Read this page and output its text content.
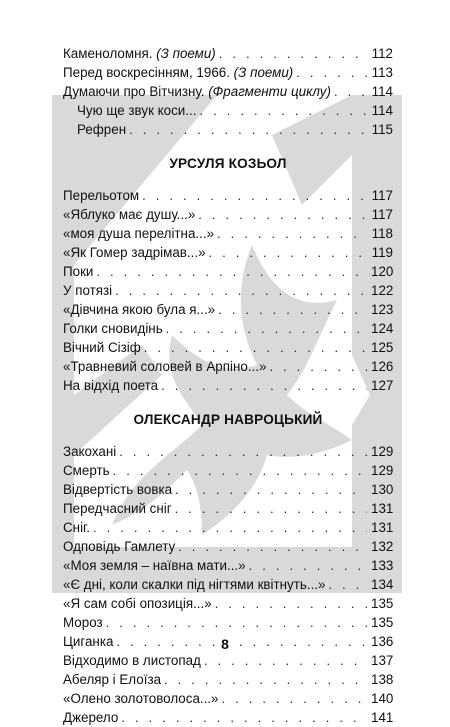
Каменоломня. (З поеми) . . .	112
Перед воскресінням, 1966. (З поеми) . . .	113
Думаючи про Вітчизну. (Фрагменти циклу) . . .	114
Чую ще звук коси... . . .	114
Рефрен . . .	115
УРСУЛЯ КОЗЬОЛ
Перельотом . . .	117
«Яблуко має душу...» . . .	117
«моя душа перелітна...» . . .	118
«Як Гомер задрімав...» . . .	119
Поки . . .	120
У потязі . . .	122
«Дівчина якою була я...» . . .	123
Голки сновидінь . . .	124
Вічний Сізіф . . .	125
«Травневий соловей в Арпіно...» . . .	126
На відхід поета . . .	127
ОЛЕКСАНДР НАВРОЦЬКИЙ
Закохані . . .	129
Смерть . . .	129
Відвертість вовка . . .	130
Передчасний сніг . . .	131
Сніг. . . .	131
Одповідь Гамлету . . .	132
«Моя земля – наївна мати...» . . .	133
«Є дні, коли скалки під нігтями квітнуть...» . . .	134
«Я сам собі опозиція...» . . .	135
Мороз . . .	135
Циганка . . .	136
Відходимо в листопад . . .	137
Абеляр і Елоїза . . .	138
«Олено золотоволоса...» . . .	140
Джерело . . .	141
8
